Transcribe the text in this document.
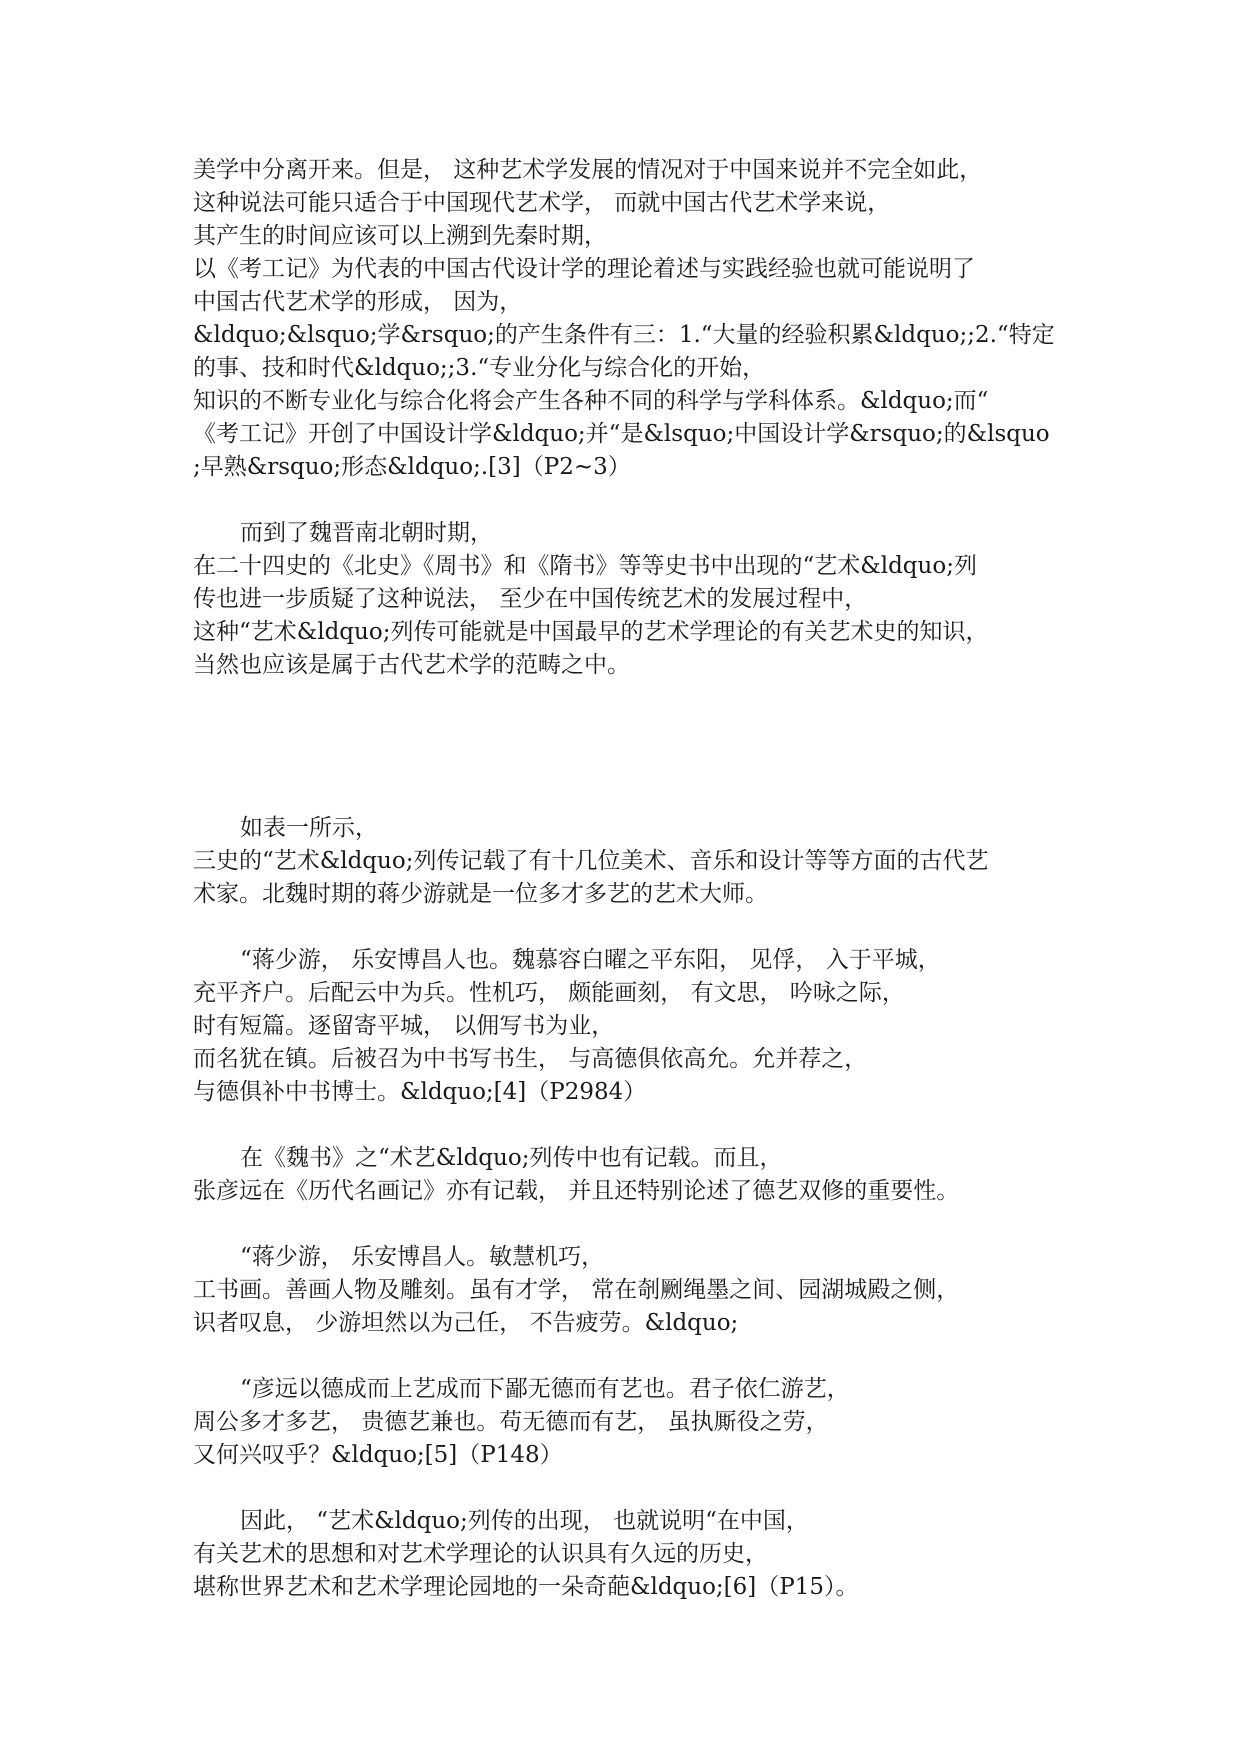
美学中分离开来。但是， 这种艺术学发展的情况对于中国来说并不完全如此，
这种说法可能只适合于中国现代艺术学， 而就中国古代艺术学来说，
其产生的时间应该可以上溯到先秦时期，
以《考工记》为代表的中国古代设计学的理论着述与实践经验也就可能说明了
中国古代艺术学的形成， 因为，
&ldquo;&lsquo;学&rsquo;的产生条件有三：1.“大量的经验积累&ldquo;;2.“特定
的事、技和时代&ldquo;;3.“专业分化与综合化的开始，
知识的不断专业化与综合化将会产生各种不同的科学与学科体系。&ldquo;而“
《考工记》开创了中国设计学&ldquo;并“是&lsquo;中国设计学&rsquo;的&lsquo
;早熟&rsquo;形态&ldquo;.[3]（P2~3）
而到了魏晋南北朝时期，
在二十四史的《北史》《周书》和《隋书》等等史书中出现的“艺术&ldquo;列
传也进一步质疑了这种说法， 至少在中国传统艺术的发展过程中，
这种“艺术&ldquo;列传可能就是中国最早的艺术学理论的有关艺术史的知识，
当然也应该是属于古代艺术学的范畴之中。
如表一所示，
三史的“艺术&ldquo;列传记载了有十几位美术、音乐和设计等等方面的古代艺
术家。北魏时期的蒋少游就是一位多才多艺的艺术大师。
“蒋少游， 乐安博昌人也。魏慕容白曜之平东阳， 见俘， 入于平城，
充平齐户。后配云中为兵。性机巧， 颇能画刻， 有文思， 吟咏之际，
时有短篇。逐留寄平城， 以佣写书为业，
而名犹在镇。后被召为中书写书生， 与高德俱依高允。允并荐之，
与德俱补中书博士。&ldquo;[4]（P2984）
在《魏书》之“术艺&ldquo;列传中也有记载。而且，
张彦远在《历代名画记》亦有记载， 并且还特别论述了德艺双修的重要性。
“蒋少游， 乐安博昌人。敏慧机巧，
工书画。善画人物及雕刻。虽有才学， 常在剞劂绳墨之间、园湖城殿之侧，
识者叹息， 少游坦然以为己任， 不告疲劳。&ldquo;
“彦远以德成而上艺成而下鄙无德而有艺也。君子依仁游艺，
周公多才多艺， 贵德艺兼也。苟无德而有艺， 虽执厮役之劳，
又何兴叹乎？&ldquo;[5]（P148）
因此， “艺术&ldquo;列传的出现， 也就说明“在中国，
有关艺术的思想和对艺术学理论的认识具有久远的历史，
堪称世界艺术和艺术学理论园地的一朵奇葩&ldquo;[6]（P15）。
